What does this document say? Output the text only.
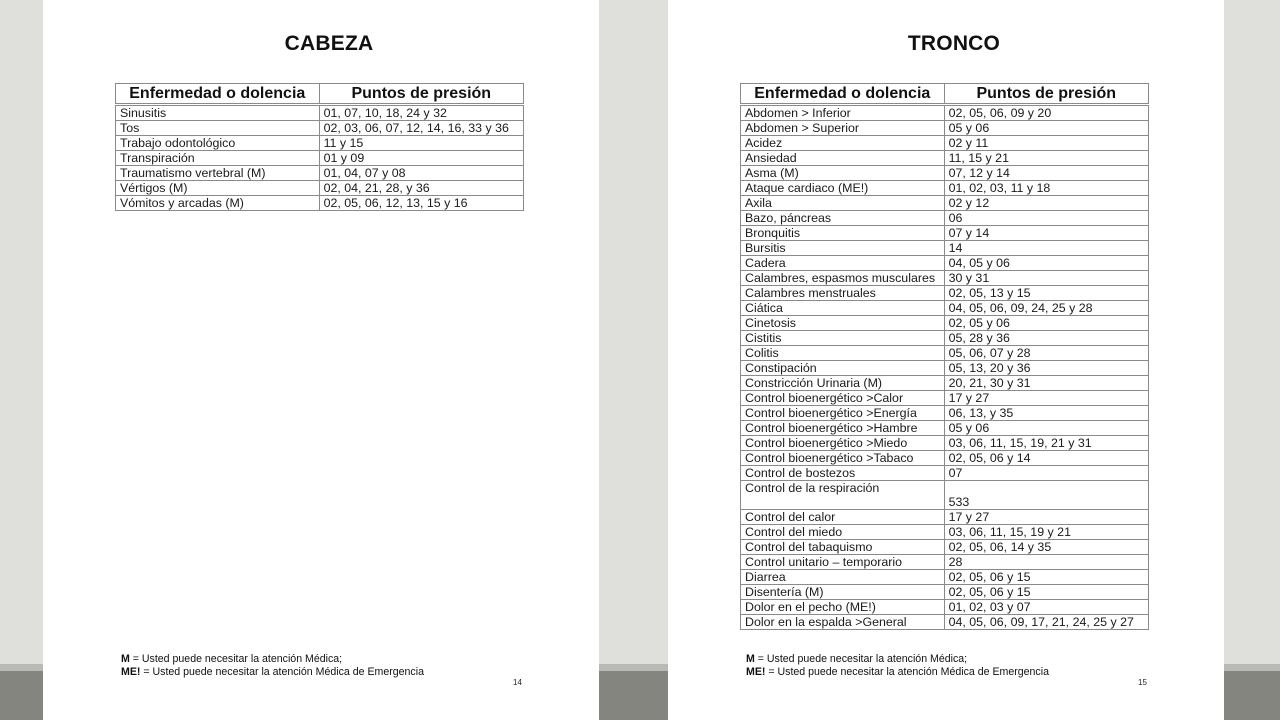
CABEZA
Enfermedad o dolencia	Puntos de presión
Sinusitis	01, 07, 10, 18, 24 y 32
Tos	02, 03, 06, 07, 12, 14, 16, 33 y 36
Trabajo odontológico	11 y 15
Transpiración	01 y 09
Traumatismo vertebral (M)	01, 04, 07 y 08
Vértigos (M)	02, 04, 21, 28, y 36
Vómitos y arcadas (M)	02, 05, 06, 12, 13, 15 y 16
M = Usted puede necesitar la atención Médica;
ME! = Usted puede necesitar la atención Médica de Emergencia
14
TRONCO
Enfermedad o dolencia	Puntos de presión
Abdomen > Inferior	02, 05, 06, 09 y 20
Abdomen > Superior	05 y 06
Acidez	02 y 11
Ansiedad	11, 15 y 21
Asma (M)	07, 12 y 14
Ataque cardiaco (ME!)	01, 02, 03, 11 y 18
Axila	02 y 12
Bazo, páncreas	06
Bronquitis	07 y 14
Bursitis	14
Cadera	04, 05 y 06
Calambres, espasmos musculares	30 y 31
Calambres menstruales	02, 05, 13 y 15
Ciática	04, 05, 06, 09, 24, 25 y 28
Cinetosis	02, 05 y 06
Cistitis	05, 28 y 36
Colitis	05, 06, 07 y 28
Constipación	05, 13, 20 y 36
Constricción Urinaria (M)	20, 21, 30 y 31
Control bioenergético >Calor	17 y 27
Control bioenergético >Energía	06, 13, y 35
Control bioenergético >Hambre	05 y 06
Control bioenergético >Miedo	03, 06, 11, 15, 19, 21 y 31
Control bioenergético >Tabaco	02, 05, 06 y 14
Control de bostezos	07
Control de la respiración	533
Control del calor	17 y 27
Control del miedo	03, 06, 11, 15, 19 y 21
Control del tabaquismo	02, 05, 06, 14 y 35
Control unitario – temporario	28
Diarrea	02, 05, 06 y 15
Disentería (M)	02, 05, 06 y 15
Dolor en el pecho (ME!)	01, 02, 03 y 07
Dolor en la espalda >General	04, 05, 06, 09, 17, 21, 24, 25 y 27
M = Usted puede necesitar la atención Médica;
ME! = Usted puede necesitar la atención Médica de Emergencia
15
